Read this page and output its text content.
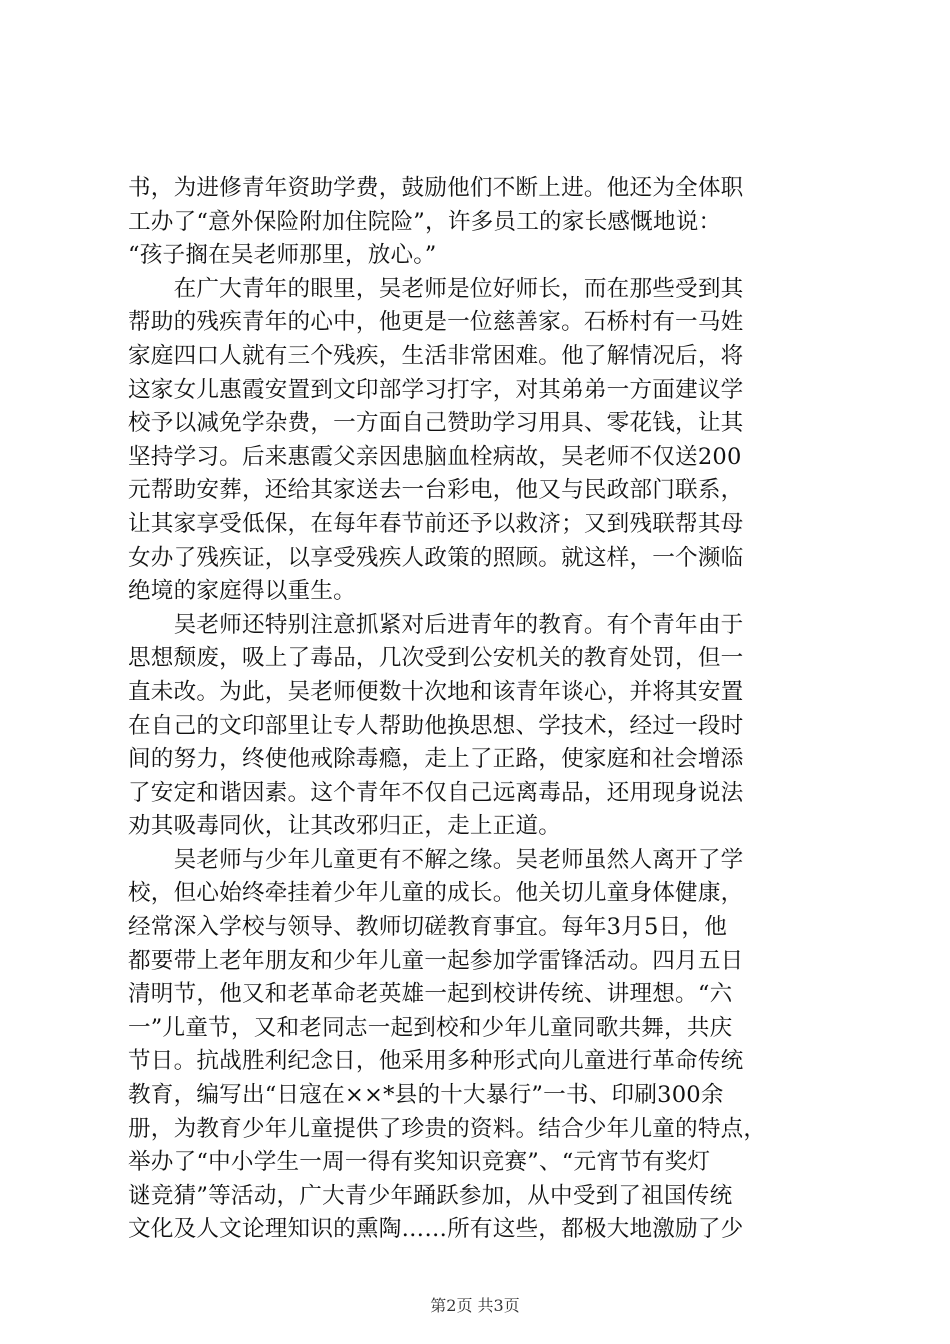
书，为进修青年资助学费，鼓励他们不断上进。他还为全体职
工办了“意外保险附加住院险”，许多员工的家长感慨地说：
“孩子搁在吴老师那里，放心。”
　　在广大青年的眼里，吴老师是位好师长，而在那些受到其
帮助的残疾青年的心中，他更是一位慈善家。石桥村有一马姓
家庭四口人就有三个残疾，生活非常困难。他了解情况后，将
这家女儿惠霞安置到文印部学习打字，对其弟弟一方面建议学
校予以减免学杂费，一方面自己赞助学习用具、零花钱，让其
坚持学习。后来惠霞父亲因患脑血栓病故，吴老师不仅送200
元帮助安葬，还给其家送去一台彩电，他又与民政部门联系，
让其家享受低保，在每年春节前还予以救济；又到残联帮其母
女办了残疾证，以享受残疾人政策的照顾。就这样，一个濒临
绝境的家庭得以重生。
　　吴老师还特别注意抓紧对后进青年的教育。有个青年由于
思想颓废，吸上了毒品，几次受到公安机关的教育处罚，但一
直未改。为此，吴老师便数十次地和该青年谈心，并将其安置
在自己的文印部里让专人帮助他换思想、学技术，经过一段时
间的努力，终使他戒除毒瘾，走上了正路，使家庭和社会增添
了安定和谐因素。这个青年不仅自己远离毒品，还用现身说法
劝其吸毒同伙，让其改邪归正，走上正道。
　　吴老师与少年儿童更有不解之缘。吴老师虽然人离开了学
校，但心始终牵挂着少年儿童的成长。他关切儿童身体健康，
经常深入学校与领导、教师切磋教育事宜。每年3月5日，他
都要带上老年朋友和少年儿童一起参加学雷锋活动。四月五日
清明节，他又和老革命老英雄一起到校讲传统、讲理想。“六
一”儿童节，又和老同志一起到校和少年儿童同歌共舞，共庆
节日。抗战胜利纪念日，他采用多种形式向儿童进行革命传统
教育，编写出“日寇在××*县的十大暴行”一书、印刷300余
册，为教育少年儿童提供了珍贵的资料。结合少年儿童的特点，
举办了“中小学生一周一得有奖知识竞赛”、“元宵节有奖灯
谜竞猜”等活动，广大青少年踊跃参加，从中受到了祖国传统
文化及人文论理知识的熏陶……所有这些，都极大地激励了少
第2页 共3页
